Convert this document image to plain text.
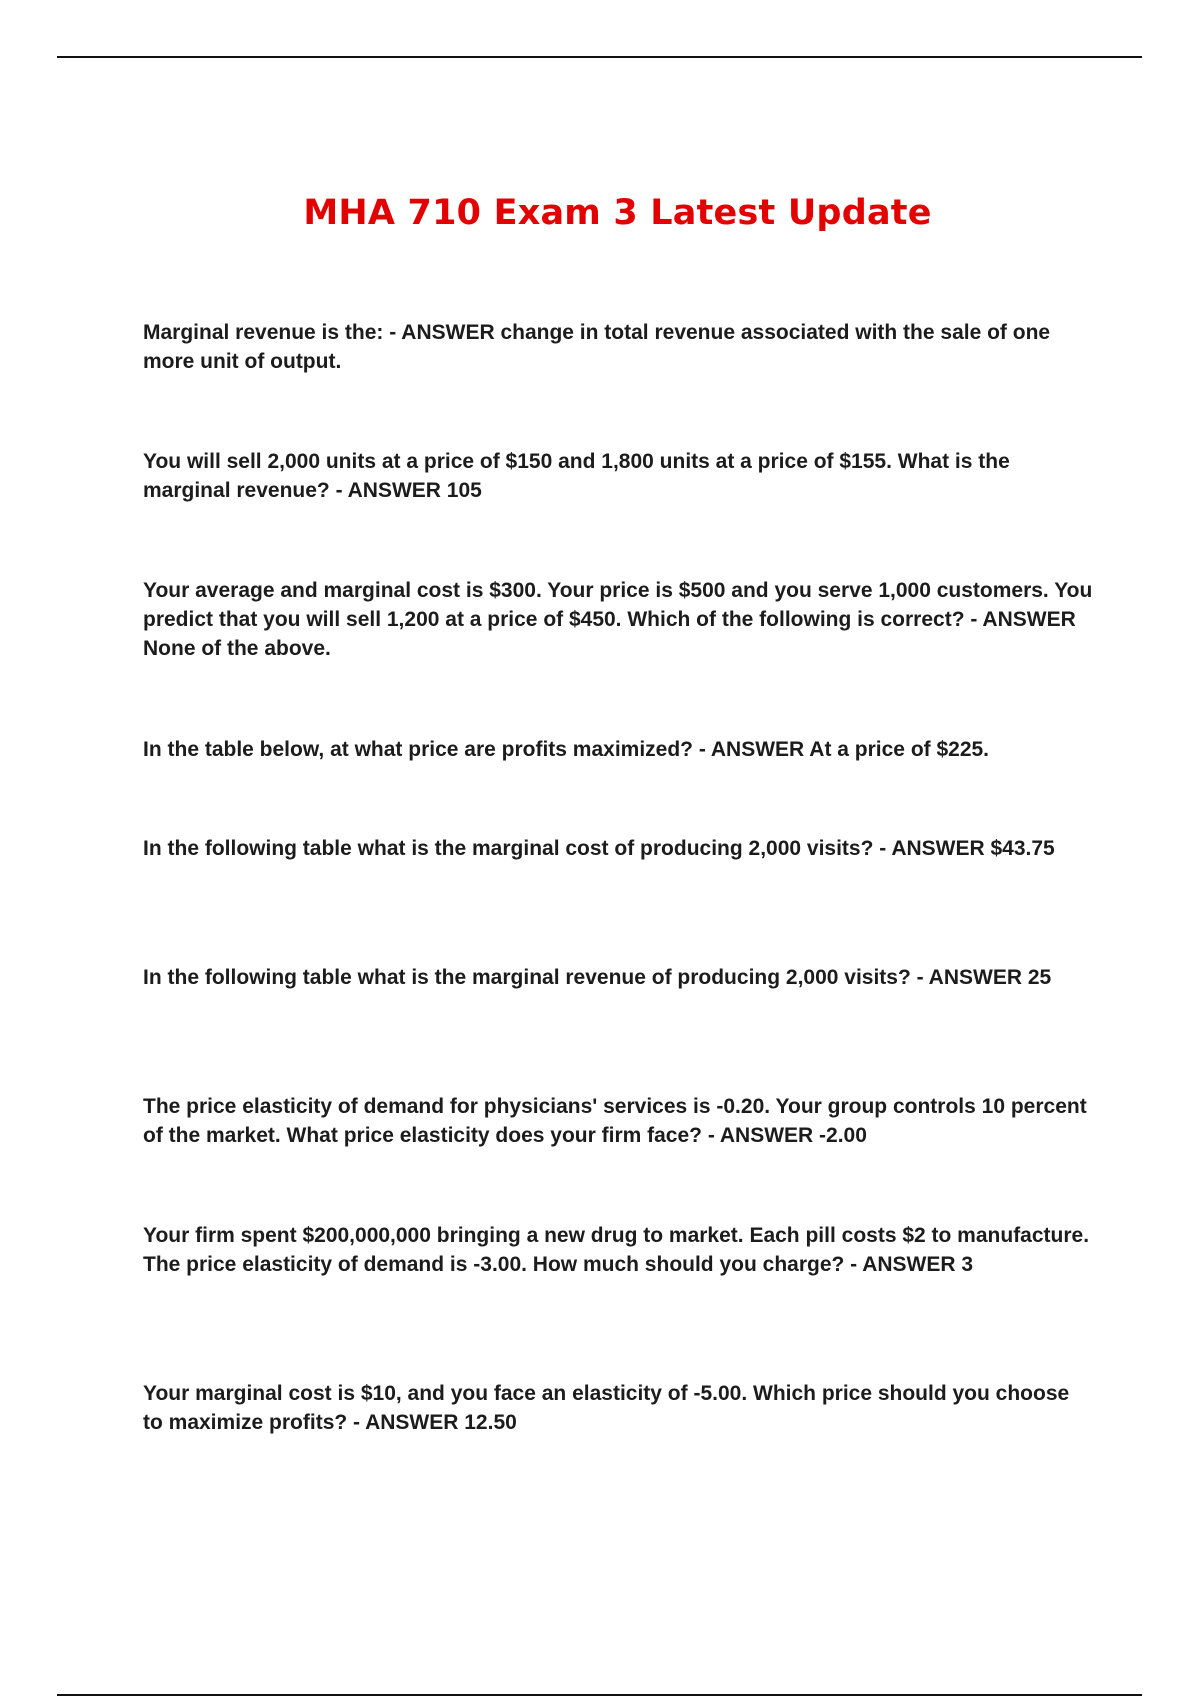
MHA 710 Exam 3 Latest Update
Marginal revenue is the: - ANSWER change in total revenue associated with the sale of one more unit of output.
You will sell 2,000 units at a price of $150 and 1,800 units at a price of $155. What is the marginal revenue? - ANSWER 105
Your average and marginal cost is $300. Your price is $500 and you serve 1,000 customers. You predict that you will sell 1,200 at a price of $450. Which of the following is correct? - ANSWER None of the above.
In the table below, at what price are profits maximized? - ANSWER At a price of $225.
In the following table what is the marginal cost of producing 2,000 visits? - ANSWER $43.75
In the following table what is the marginal revenue of producing 2,000 visits? - ANSWER 25
The price elasticity of demand for physicians' services is -0.20. Your group controls 10 percent of the market. What price elasticity does your firm face? - ANSWER -2.00
Your firm spent $200,000,000 bringing a new drug to market. Each pill costs $2 to manufacture. The price elasticity of demand is -3.00. How much should you charge? - ANSWER 3
Your marginal cost is $10, and you face an elasticity of -5.00. Which price should you choose to maximize profits? - ANSWER 12.50
